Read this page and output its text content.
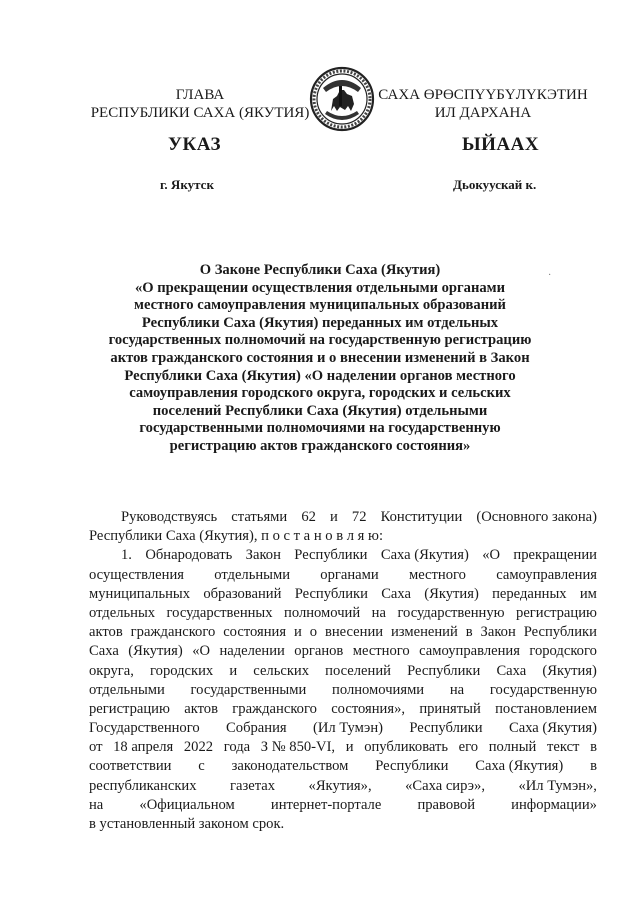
ГЛАВА
РЕСПУБЛИКИ САХА (ЯКУТИЯ)
САХА ӨРӨСПҮҮБҮЛҮКЭТИН
ИЛ ДАРХАНА
УКАЗ	ЫЙААХ
г. Якутск	Дьокуускай к.
·
О Законе Республики Саха (Якутия)
«О прекращении осуществления отдельными органами
местного самоуправления муниципальных образований
Республики Саха (Якутия) переданных им отдельных
государственных полномочий на государственную регистрацию
актов гражданского состояния и о внесении изменений в Закон
Республики Саха (Якутия) «О наделении органов местного
самоуправления городского округа, городских и сельских
поселений Республики Саха (Якутия) отдельными
государственными полномочиями на государственную
регистрацию актов гражданского состояния»
Руководствуясь статьями 62 и 72 Конституции (Основного закона)
Республики Саха (Якутия), п о с т а н о в л я ю:
1. Обнародовать Закон Республики Саха (Якутия) «О прекращении
осуществления отдельными органами местного самоуправления
муниципальных образований Республики Саха (Якутия) переданных им
отдельных государственных полномочий на государственную регистрацию
актов гражданского состояния и о внесении изменений в Закон Республики
Саха (Якутия) «О наделении органов местного самоуправления городского
округа, городских и сельских поселений Республики Саха (Якутия)
отдельными государственными полномочиями на государственную
регистрацию актов гражданского состояния», принятый постановлением
Государственного Собрания (Ил Тумэн) Республики Саха (Якутия)
от 18 апреля 2022 года З № 850-VI, и опубликовать его полный текст в
соответствии с законодательством Республики Саха (Якутия) в
республиканских газетах «Якутия», «Саха сирэ», «Ил Тумэн»,
на «Официальном интернет-портале правовой информации»
в установленный законом срок.
